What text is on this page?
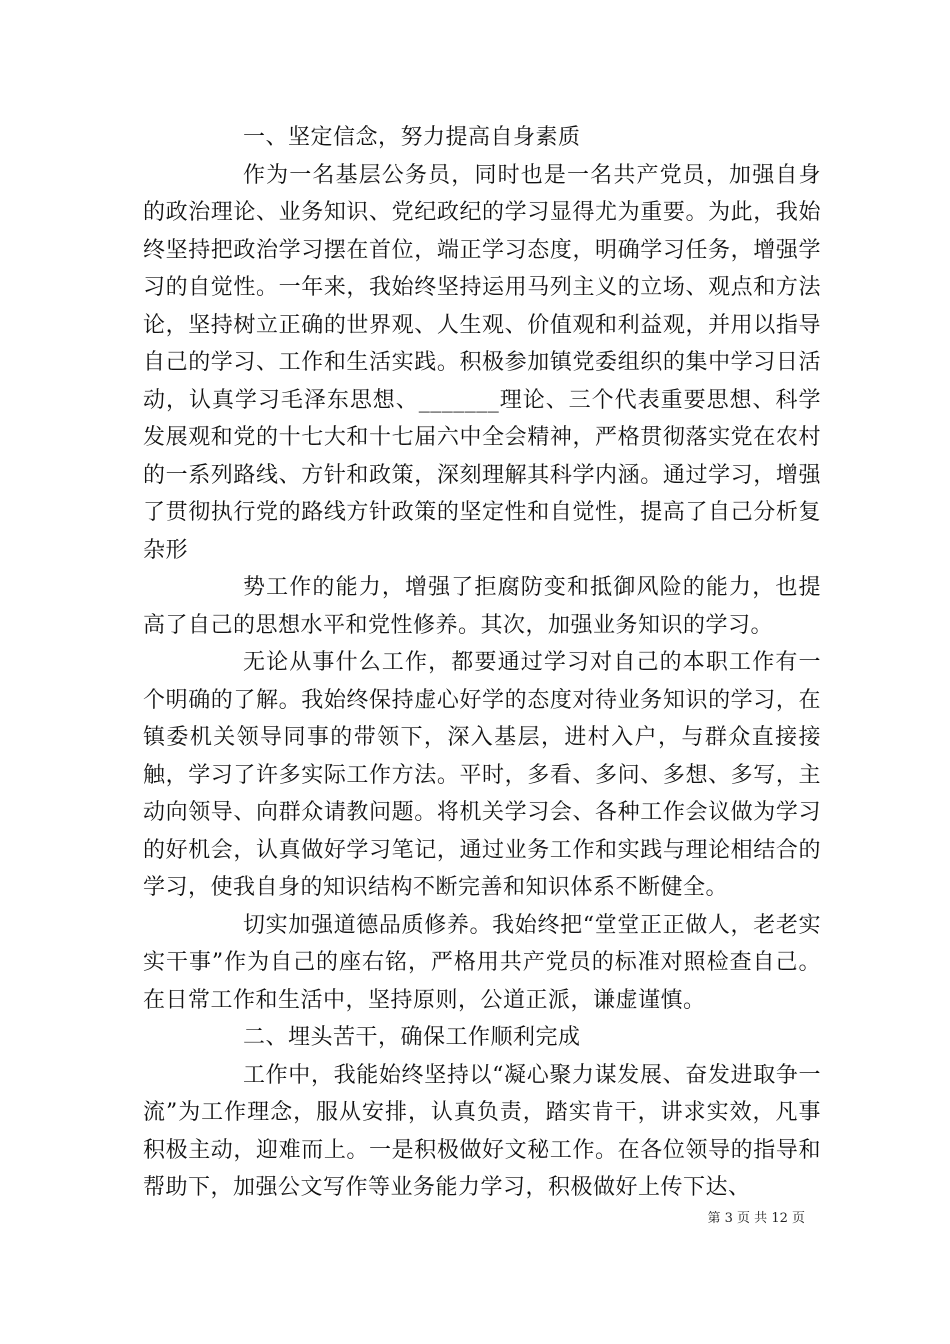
一、坚定信念，努力提高自身素质

作为一名基层公务员，同时也是一名共产党员，加强自身的政治理论、业务知识、党纪政纪的学习显得尤为重要。为此，我始终坚持把政治学习摆在首位，端正学习态度，明确学习任务，增强学习的自觉性。一年来，我始终坚持运用马列主义的立场、观点和方法论，坚持树立正确的世界观、人生观、价值观和利益观，并用以指导自己的学习、工作和生活实践。积极参加镇党委组织的集中学习日活动，认真学习毛泽东思想、_______理论、三个代表重要思想、科学发展观和党的十七大和十七届六中全会精神，严格贯彻落实党在农村的一系列路线、方针和政策，深刻理解其科学内涵。通过学习，增强了贯彻执行党的路线方针政策的坚定性和自觉性，提高了自己分析复杂形

势工作的能力，增强了拒腐防变和抵御风险的能力，也提高了自己的思想水平和党性修养。其次，加强业务知识的学习。

无论从事什么工作，都要通过学习对自己的本职工作有一个明确的了解。我始终保持虚心好学的态度对待业务知识的学习，在镇委机关领导同事的带领下，深入基层，进村入户，与群众直接接触，学习了许多实际工作方法。平时，多看、多问、多想、多写，主动向领导、向群众请教问题。将机关学习会、各种工作会议做为学习的好机会，认真做好学习笔记，通过业务工作和实践与理论相结合的学习，使我自身的知识结构不断完善和知识体系不断健全。

切实加强道德品质修养。我始终把“堂堂正正做人，老老实实干事”作为自己的座右铭，严格用共产党员的标准对照检查自己。在日常工作和生活中，坚持原则，公道正派，谦虚谨慎。

二、埋头苦干，确保工作顺利完成

工作中，我能始终坚持以“凝心聚力谋发展、奋发进取争一流”为工作理念，服从安排，认真负责，踏实肯干，讲求实效，凡事积极主动，迎难而上。一是积极做好文秘工作。在各位领导的指导和帮助下，加强公文写作等业务能力学习，积极做好上传下达、

第 3 页 共 12 页
